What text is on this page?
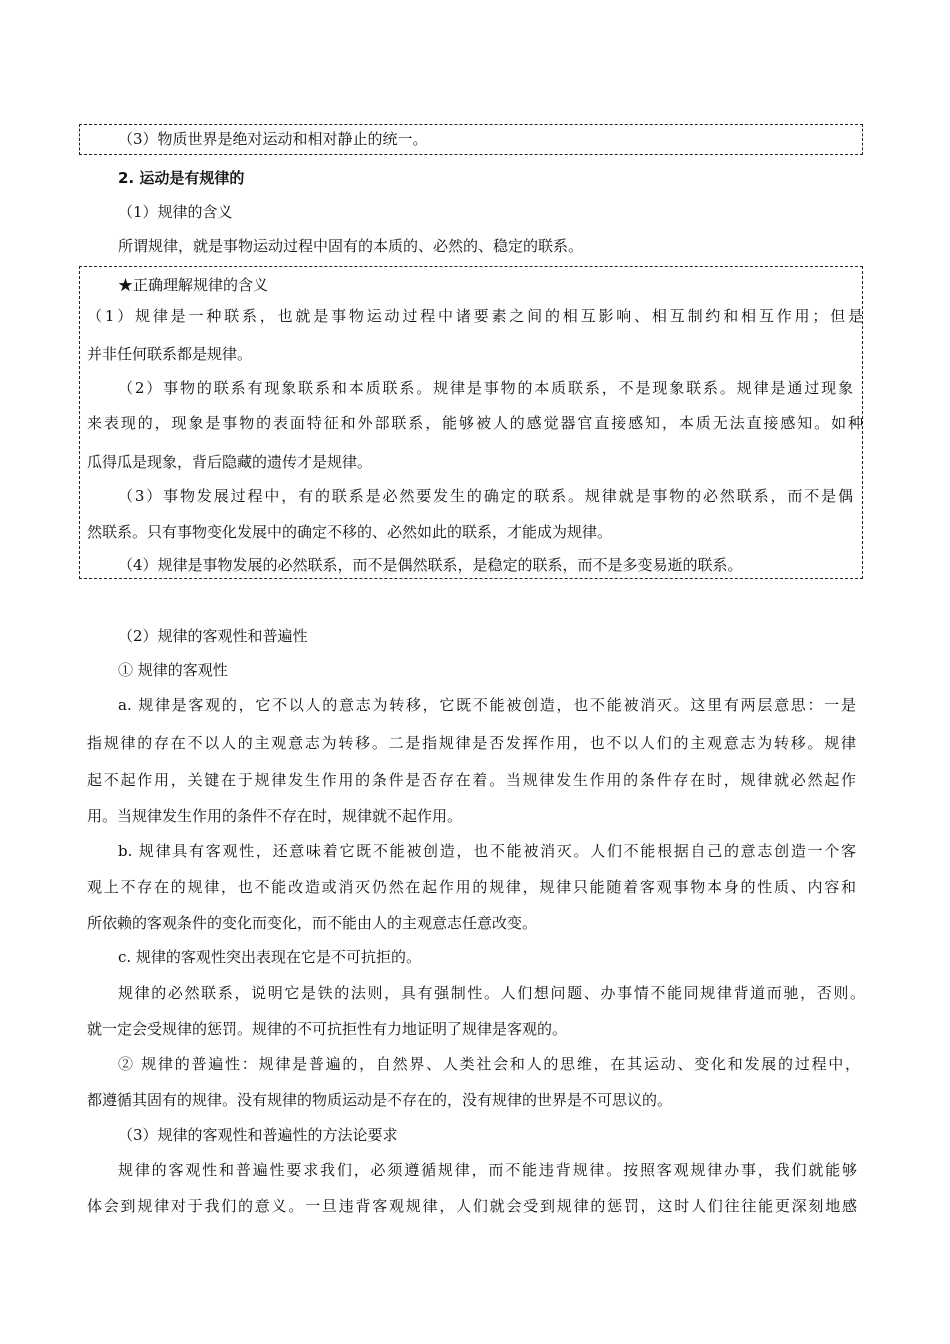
（3）物质世界是绝对运动和相对静止的统一。
2. 运动是有规律的
（1）规律的含义
所谓规律，就是事物运动过程中固有的本质的、必然的、稳定的联系。
★正确理解规律的含义
（1）规律是一种联系，也就是事物运动过程中诸要素之间的相互影响、相互制约和相互作用；但是
并非任何联系都是规律。
（2）事物的联系有现象联系和本质联系。规律是事物的本质联系，不是现象联系。规律是通过现象
来表现的，现象是事物的表面特征和外部联系，能够被人的感觉器官直接感知，本质无法直接感知。如种
瓜得瓜是现象，背后隐藏的遗传才是规律。
（3）事物发展过程中，有的联系是必然要发生的确定的联系。规律就是事物的必然联系，而不是偶
然联系。只有事物变化发展中的确定不移的、必然如此的联系，才能成为规律。
（4）规律是事物发展的必然联系，而不是偶然联系，是稳定的联系，而不是多变易逝的联系。
（2）规律的客观性和普遍性
① 规律的客观性
a. 规律是客观的，它不以人的意志为转移，它既不能被创造，也不能被消灭。这里有两层意思：一是
指规律的存在不以人的主观意志为转移。二是指规律是否发挥作用，也不以人们的主观意志为转移。规律
起不起作用，关键在于规律发生作用的条件是否存在着。当规律发生作用的条件存在时，规律就必然起作
用。当规律发生作用的条件不存在时，规律就不起作用。
b. 规律具有客观性，还意味着它既不能被创造，也不能被消灭。人们不能根据自己的意志创造一个客
观上不存在的规律，也不能改造或消灭仍然在起作用的规律，规律只能随着客观事物本身的性质、内容和
所依赖的客观条件的变化而变化，而不能由人的主观意志任意改变。
c. 规律的客观性突出表现在它是不可抗拒的。
规律的必然联系，说明它是铁的法则，具有强制性。人们想问题、办事情不能同规律背道而驰，否则。
就一定会受规律的惩罚。规律的不可抗拒性有力地证明了规律是客观的。
② 规律的普遍性：规律是普遍的，自然界、人类社会和人的思维，在其运动、变化和发展的过程中，
都遵循其固有的规律。没有规律的物质运动是不存在的，没有规律的世界是不可思议的。
（3）规律的客观性和普遍性的方法论要求
规律的客观性和普遍性要求我们，必须遵循规律，而不能违背规律。按照客观规律办事，我们就能够
体会到规律对于我们的意义。一旦违背客观规律，人们就会受到规律的惩罚，这时人们往往能更深刻地感
